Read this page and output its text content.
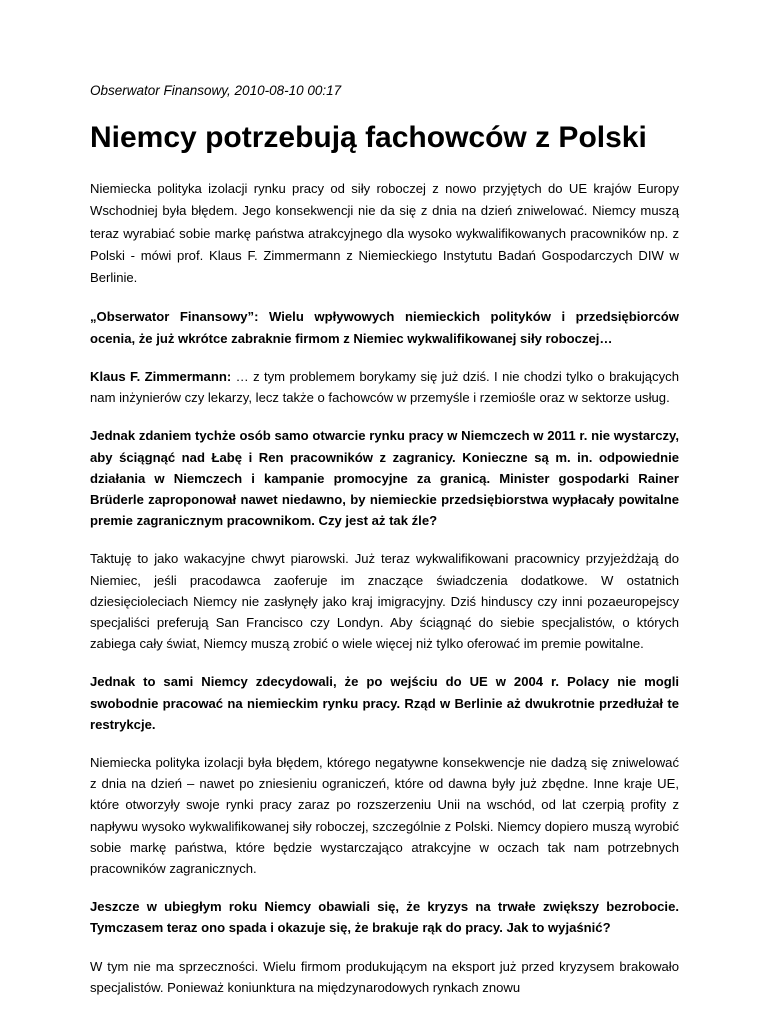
Obserwator Finansowy, 2010-08-10 00:17
Niemcy potrzebują fachowców z Polski

Niemiecka polityka izolacji rynku pracy od siły roboczej z nowo przyjętych do UE krajów Europy Wschodniej była błędem. Jego konsekwencji nie da się z dnia na dzień zniwelować. Niemcy muszą teraz wyrabiać sobie markę państwa atrakcyjnego dla wysoko wykwalifikowanych pracowników np. z Polski - mówi prof. Klaus F. Zimmermann z Niemieckiego Instytutu Badań Gospodarczych DIW w Berlinie.

„Obserwator Finansowy”: Wielu wpływowych niemieckich polityków i przedsiębiorców ocenia, że już wkrótce zabraknie firmom z Niemiec wykwalifikowanej siły roboczej…

Klaus F. Zimmermann: … z tym problemem borykamy się już dziś. I nie chodzi tylko o brakujących nam inżynierów czy lekarzy, lecz także o fachowców w przemyśle i rzemiośle oraz w sektorze usług.

Jednak zdaniem tychże osób samo otwarcie rynku pracy w Niemczech w 2011 r. nie wystarczy, aby ściągnąć nad Łabę i Ren pracowników z zagranicy. Konieczne są m. in. odpowiednie działania w Niemczech i kampanie promocyjne za granicą. Minister gospodarki Rainer Brüderle zaproponował nawet niedawno, by niemieckie przedsiębiorstwa wypłacały powitalne premie zagranicznym pracownikom. Czy jest aż tak źle?

Taktuję to jako wakacyjne chwyt piarowski. Już teraz wykwalifikowani pracownicy przyjeżdżają do Niemiec, jeśli pracodawca zaoferuje im znaczące świadczenia dodatkowe. W ostatnich dziesięcioleciach Niemcy nie zasłynęły jako kraj imigracyjny. Dziś hinduscy czy inni pozaeuropejscy specjaliści preferują San Francisco czy Londyn. Aby ściągnąć do siebie specjalistów, o których zabiega cały świat, Niemcy muszą zrobić o wiele więcej niż tylko oferować im premie powitalne.

Jednak to sami Niemcy zdecydowali, że po wejściu do UE w 2004 r. Polacy nie mogli swobodnie pracować na niemieckim rynku pracy. Rząd w Berlinie aż dwukrotnie przedłużał te restrykcje.

Niemiecka polityka izolacji była błędem, którego negatywne konsekwencje nie dadzą się zniwelować z dnia na dzień – nawet po zniesieniu ograniczeń, które od dawna były już zbędne. Inne kraje UE, które otworzyły swoje rynki pracy zaraz po rozszerzeniu Unii na wschód, od lat czerpią profity z napływu wysoko wykwalifikowanej siły roboczej, szczególnie z Polski. Niemcy dopiero muszą wyrobić sobie markę państwa, które będzie wystarczająco atrakcyjne w oczach tak nam potrzebnych pracowników zagranicznych.

Jeszcze w ubiegłym roku Niemcy obawiali się, że kryzys na trwałe zwiększy bezrobocie. Tymczasem teraz ono spada i okazuje się, że brakuje rąk do pracy. Jak to wyjaśnić?

W tym nie ma sprzeczności. Wielu firmom produkującym na eksport już przed kryzysem brakowało specjalistów. Ponieważ koniunktura na międzynarodowych rynkach znowu
